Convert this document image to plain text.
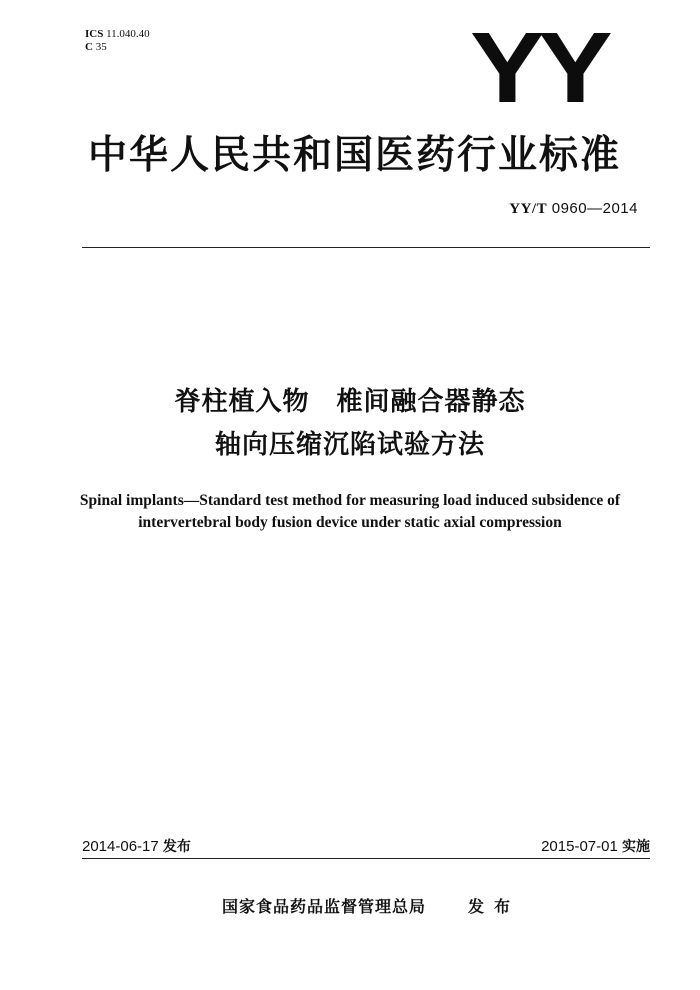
ICS 11.040.40
C 35	YY
中华人民共和国医药行业标准
YY/T 0960—2014
脊柱植入物　椎间融合器静态
轴向压缩沉陷试验方法
Spinal implants—Standard test method for measuring load induced subsidence of
intervertebral body fusion device under static axial compression
2014-06-17 发布	2015-07-01 实施
国家食品药品监督管理总局	发布
